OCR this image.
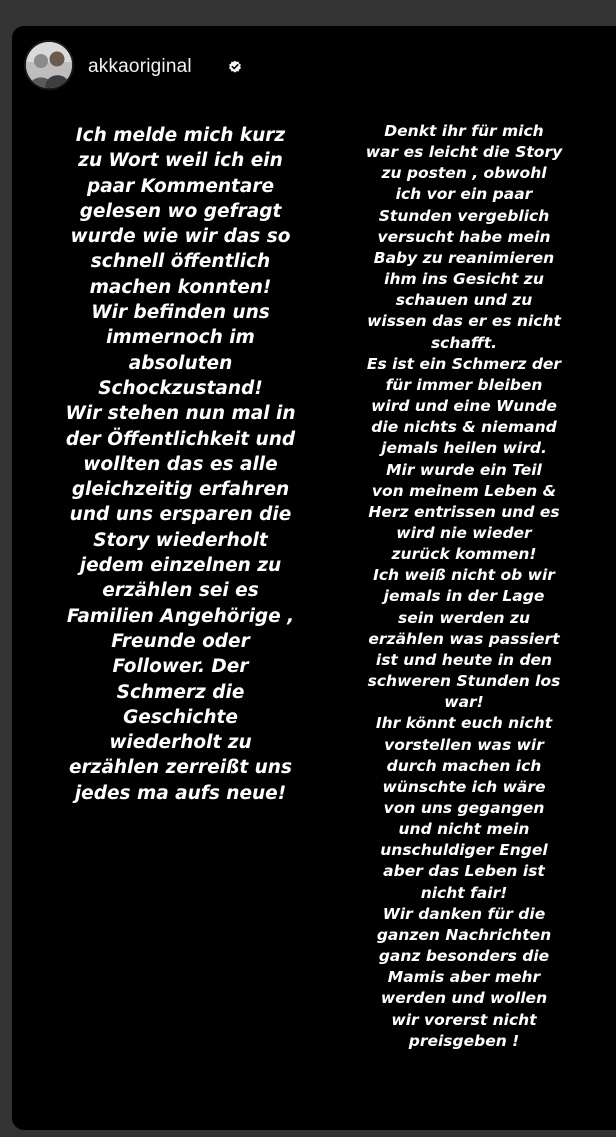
akkaoriginal
Ich melde mich kurz
zu Wort weil ich ein
paar Kommentare
gelesen wo gefragt
wurde wie wir das so
schnell öffentlich
machen konnten!
Wir befinden uns
immernoch im
absoluten
Schockzustand!
Wir stehen nun mal in
der Öffentlichkeit und
wollten das es alle
gleichzeitig erfahren
und uns ersparen die
Story wiederholt
jedem einzelnen zu
erzählen sei es
Familien Angehörige ,
Freunde oder
Follower. Der
Schmerz die
Geschichte
wiederholt zu
erzählen zerreißt uns
jedes ma aufs neue!
Denkt ihr für mich
war es leicht die Story
zu posten , obwohl
ich vor ein paar
Stunden vergeblich
versucht habe mein
Baby zu reanimieren
ihm ins Gesicht zu
schauen und zu
wissen das er es nicht
schafft.
Es ist ein Schmerz der
für immer bleiben
wird und eine Wunde
die nichts & niemand
jemals heilen wird.
Mir wurde ein Teil
von meinem Leben &
Herz entrissen und es
wird nie wieder
zurück kommen!
Ich weiß nicht ob wir
jemals in der Lage
sein werden zu
erzählen was passiert
ist und heute in den
schweren Stunden los
war!
Ihr könnt euch nicht
vorstellen was wir
durch machen ich
wünschte ich wäre
von uns gegangen
und nicht mein
unschuldiger Engel
aber das Leben ist
nicht fair!
Wir danken für die
ganzen Nachrichten
ganz besonders die
Mamis aber mehr
werden und wollen
wir vorerst nicht
preisgeben !
